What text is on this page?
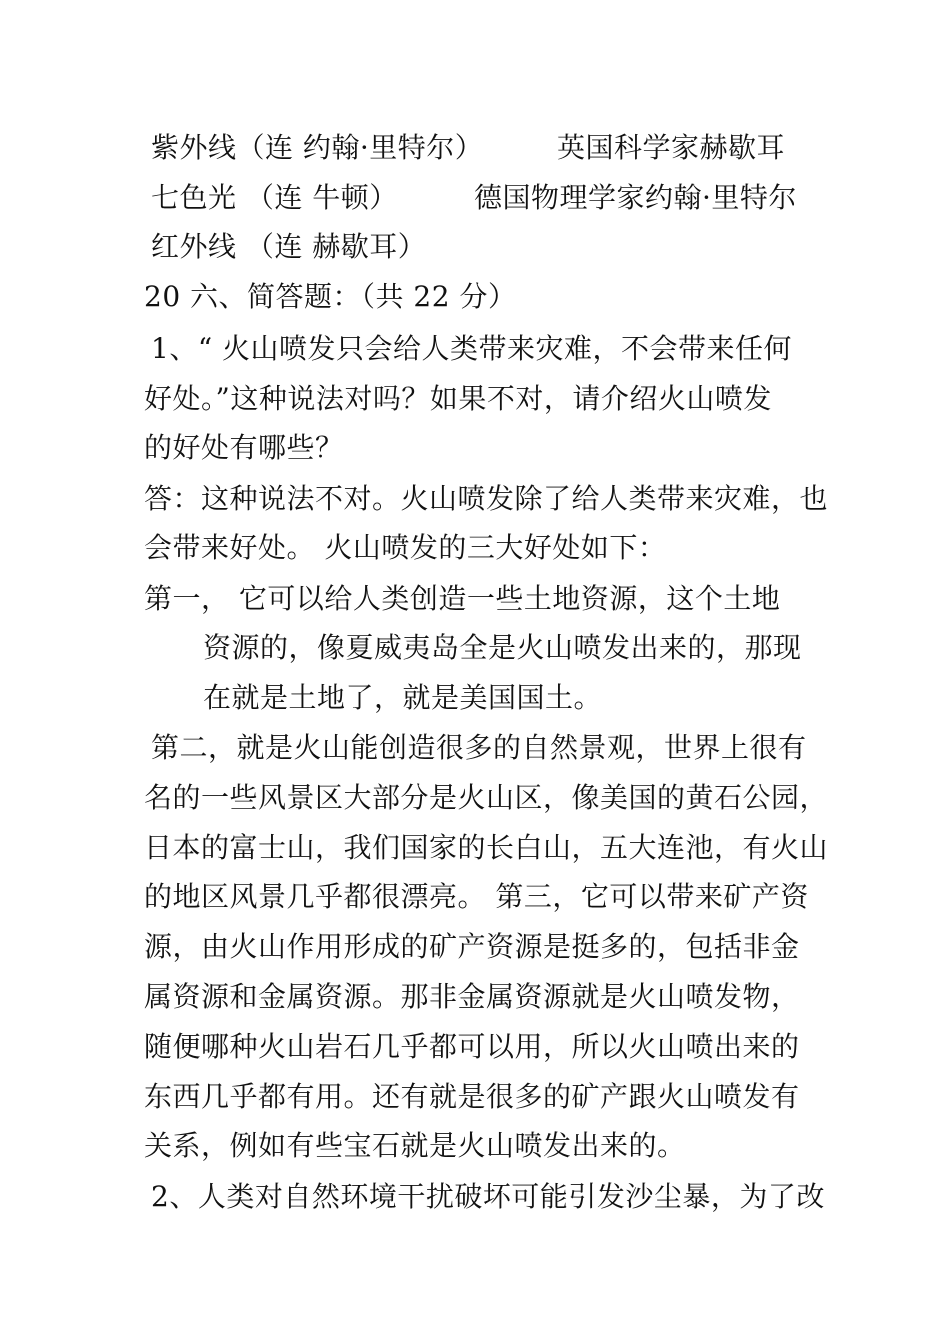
紫外线（连 约翰·里特尔）	英国科学家赫歇耳
七色光 （连 牛顿）	德国物理学家约翰·里特尔
红外线 （连 赫歇耳）
20 六、简答题：（共 22 分）
1、“ 火山喷发只会给人类带来灾难，不会带来任何
好处。”这种说法对吗？如果不对，请介绍火山喷发
的好处有哪些？
答：这种说法不对。火山喷发除了给人类带来灾难，也
会带来好处。 火山喷发的三大好处如下：
第一， 它可以给人类创造一些土地资源，这个土地
资源的，像夏威夷岛全是火山喷发出来的，那现
在就是土地了，就是美国国土。
第二，就是火山能创造很多的自然景观，世界上很有
名的一些风景区大部分是火山区，像美国的黄石公园，
日本的富士山，我们国家的长白山，五大连池，有火山
的地区风景几乎都很漂亮。 第三，它可以带来矿产资
源，由火山作用形成的矿产资源是挺多的，包括非金
属资源和金属资源。那非金属资源就是火山喷发物，
随便哪种火山岩石几乎都可以用，所以火山喷出来的
东西几乎都有用。还有就是很多的矿产跟火山喷发有
关系，例如有些宝石就是火山喷发出来的。
2、人类对自然环境干扰破坏可能引发沙尘暴，为了改
